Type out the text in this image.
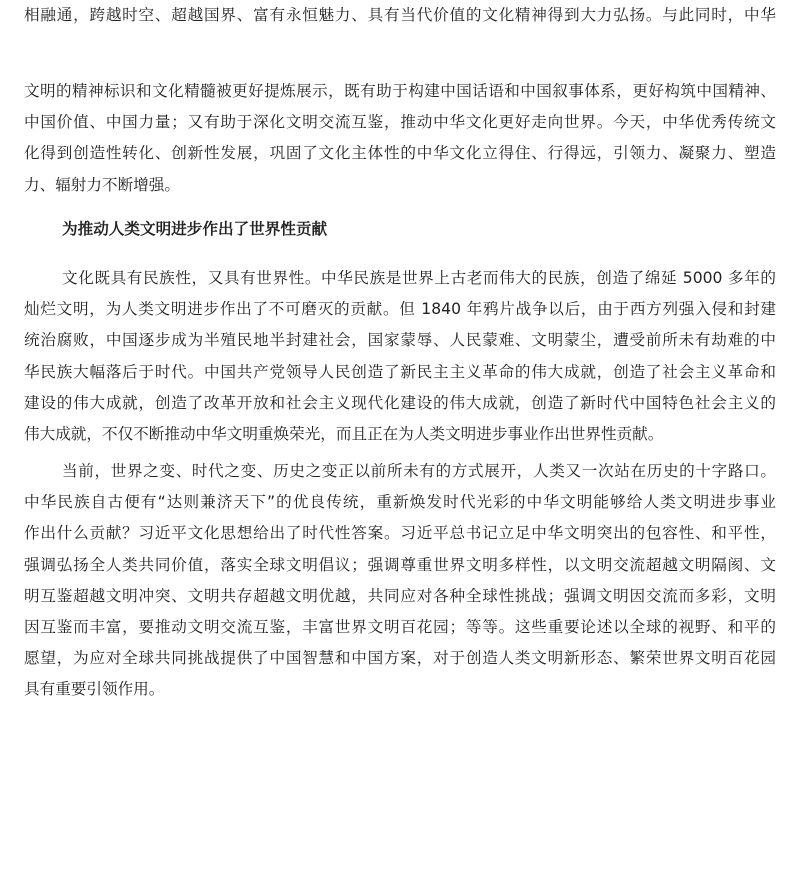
相融通，跨越时空、超越国界、富有永恒魅力、具有当代价值的文化精神得到大力弘扬。与此同时，中华
为推动人类文明进步作出了世界性贡献
文明的精神标识和文化精髓被更好提炼展示，既有助于构建中国话语和中国叙事体系，更好构筑中国精神、
中国价值、中国力量；又有助于深化文明交流互鉴，推动中华文化更好走向世界。今天，中华优秀传统文
化得到创造性转化、创新性发展，巩固了文化主体性的中华文化立得住、行得远，引领力、凝聚力、塑造
力、辐射力不断增强。
文化既具有民族性，又具有世界性。中华民族是世界上古老而伟大的民族，创造了绵延 5000 多年的
灿烂文明，为人类文明进步作出了不可磨灭的贡献。但 1840 年鸦片战争以后，由于西方列强入侵和封建
统治腐败，中国逐步成为半殖民地半封建社会，国家蒙辱、人民蒙难、文明蒙尘，遭受前所未有劫难的中
华民族大幅落后于时代。中国共产党领导人民创造了新民主主义革命的伟大成就，创造了社会主义革命和
建设的伟大成就，创造了改革开放和社会主义现代化建设的伟大成就，创造了新时代中国特色社会主义的
伟大成就，不仅不断推动中华文明重焕荣光，而且正在为人类文明进步事业作出世界性贡献。
当前，世界之变、时代之变、历史之变正以前所未有的方式展开，人类又一次站在历史的十字路口。
中华民族自古便有“达则兼济天下”的优良传统，重新焕发时代光彩的中华文明能够给人类文明进步事业
作出什么贡献？习近平文化思想给出了时代性答案。习近平总书记立足中华文明突出的包容性、和平性，
强调弘扬全人类共同价值，落实全球文明倡议；强调尊重世界文明多样性，以文明交流超越文明隔阂、文
明互鉴超越文明冲突、文明共存超越文明优越，共同应对各种全球性挑战；强调文明因交流而多彩，文明
因互鉴而丰富，要推动文明交流互鉴，丰富世界文明百花园；等等。这些重要论述以全球的视野、和平的
愿望，为应对全球共同挑战提供了中国智慧和中国方案，对于创造人类文明新形态、繁荣世界文明百花园
具有重要引领作用。
